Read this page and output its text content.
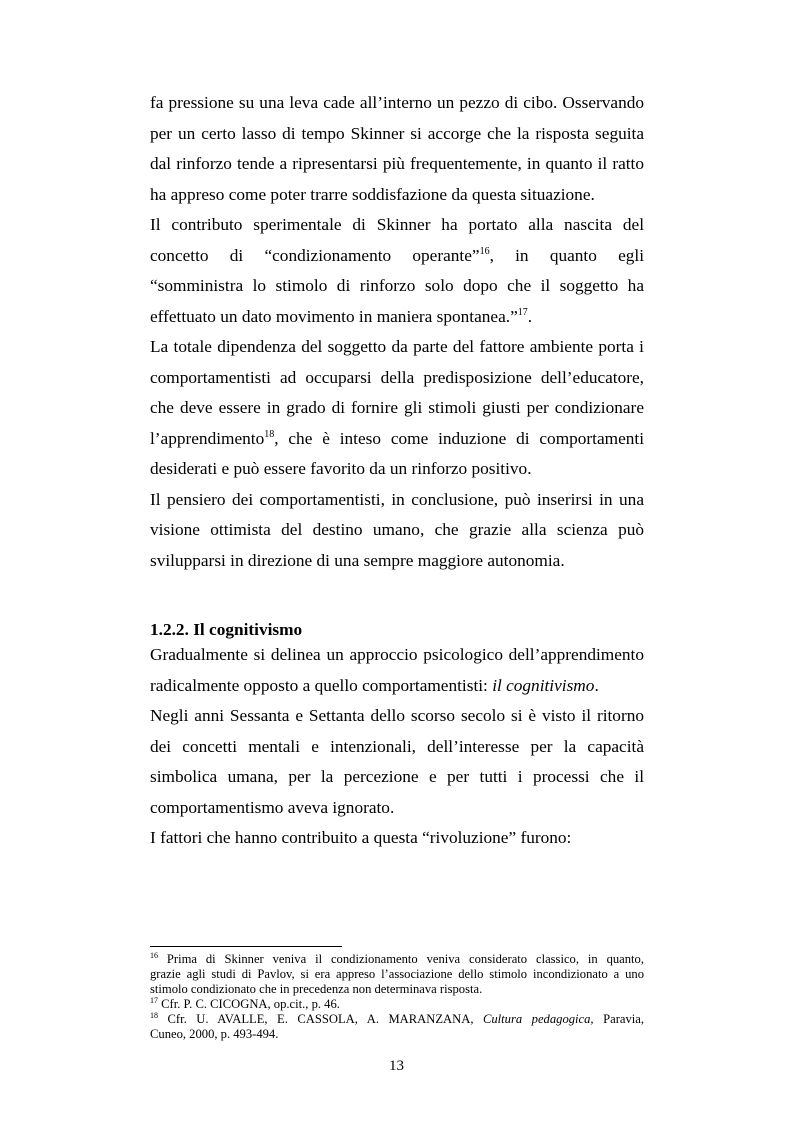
fa pressione su una leva cade all’interno un pezzo di cibo. Osservando
per un certo lasso di tempo Skinner si accorge che la risposta seguita
dal rinforzo tende a ripresentarsi più frequentemente, in quanto il ratto
ha appreso come poter trarre soddisfazione da questa situazione.

Il contributo sperimentale di Skinner ha portato alla nascita del
concetto di “condizionamento operante”$^{16}$, in quanto egli
“somministra lo stimolo di rinforzo solo dopo che il soggetto ha
effettuato un dato movimento in maniera spontanea.”$^{17}$.

La totale dipendenza del soggetto da parte del fattore ambiente porta i
comportamentisti ad occuparsi della predisposizione dell’educatore,
che deve essere in grado di fornire gli stimoli giusti per condizionare
l’apprendimento$^{18}$, che è inteso come induzione di comportamenti
desiderati e può essere favorito da un rinforzo positivo.

Il pensiero dei comportamentisti, in conclusione, può inserirsi in una
visione ottimista del destino umano, che grazie alla scienza può
svilupparsi in direzione di una sempre maggiore autonomia.

1.2.2. Il cognitivismo

Gradualmente si delinea un approccio psicologico dell’apprendimento
radicalmente opposto a quello comportamentisti: il cognitivismo.

Negli anni Sessanta e Settanta dello scorso secolo si è visto il ritorno
dei concetti mentali e intenzionali, dell’interesse per la capacità
simbolica umana, per la percezione e per tutti i processi che il
comportamentismo aveva ignorato.

I fattori che hanno contribuito a questa “rivoluzione” furono:

$^{16}$ Prima di Skinner veniva il condizionamento veniva considerato classico, in quanto,
grazie agli studi di Pavlov, si era appreso l’associazione dello stimolo incondizionato a uno
stimolo condizionato che in precedenza non determinava risposta.

$^{17}$ Cfr. P. C. CICOGNA, op.cit., p. 46.

$^{18}$ Cfr. U. AVALLE, E. CASSOLA, A. MARANZANA, Cultura pedagogica, Paravia,
Cuneo, 2000, p. 493-494.

13
